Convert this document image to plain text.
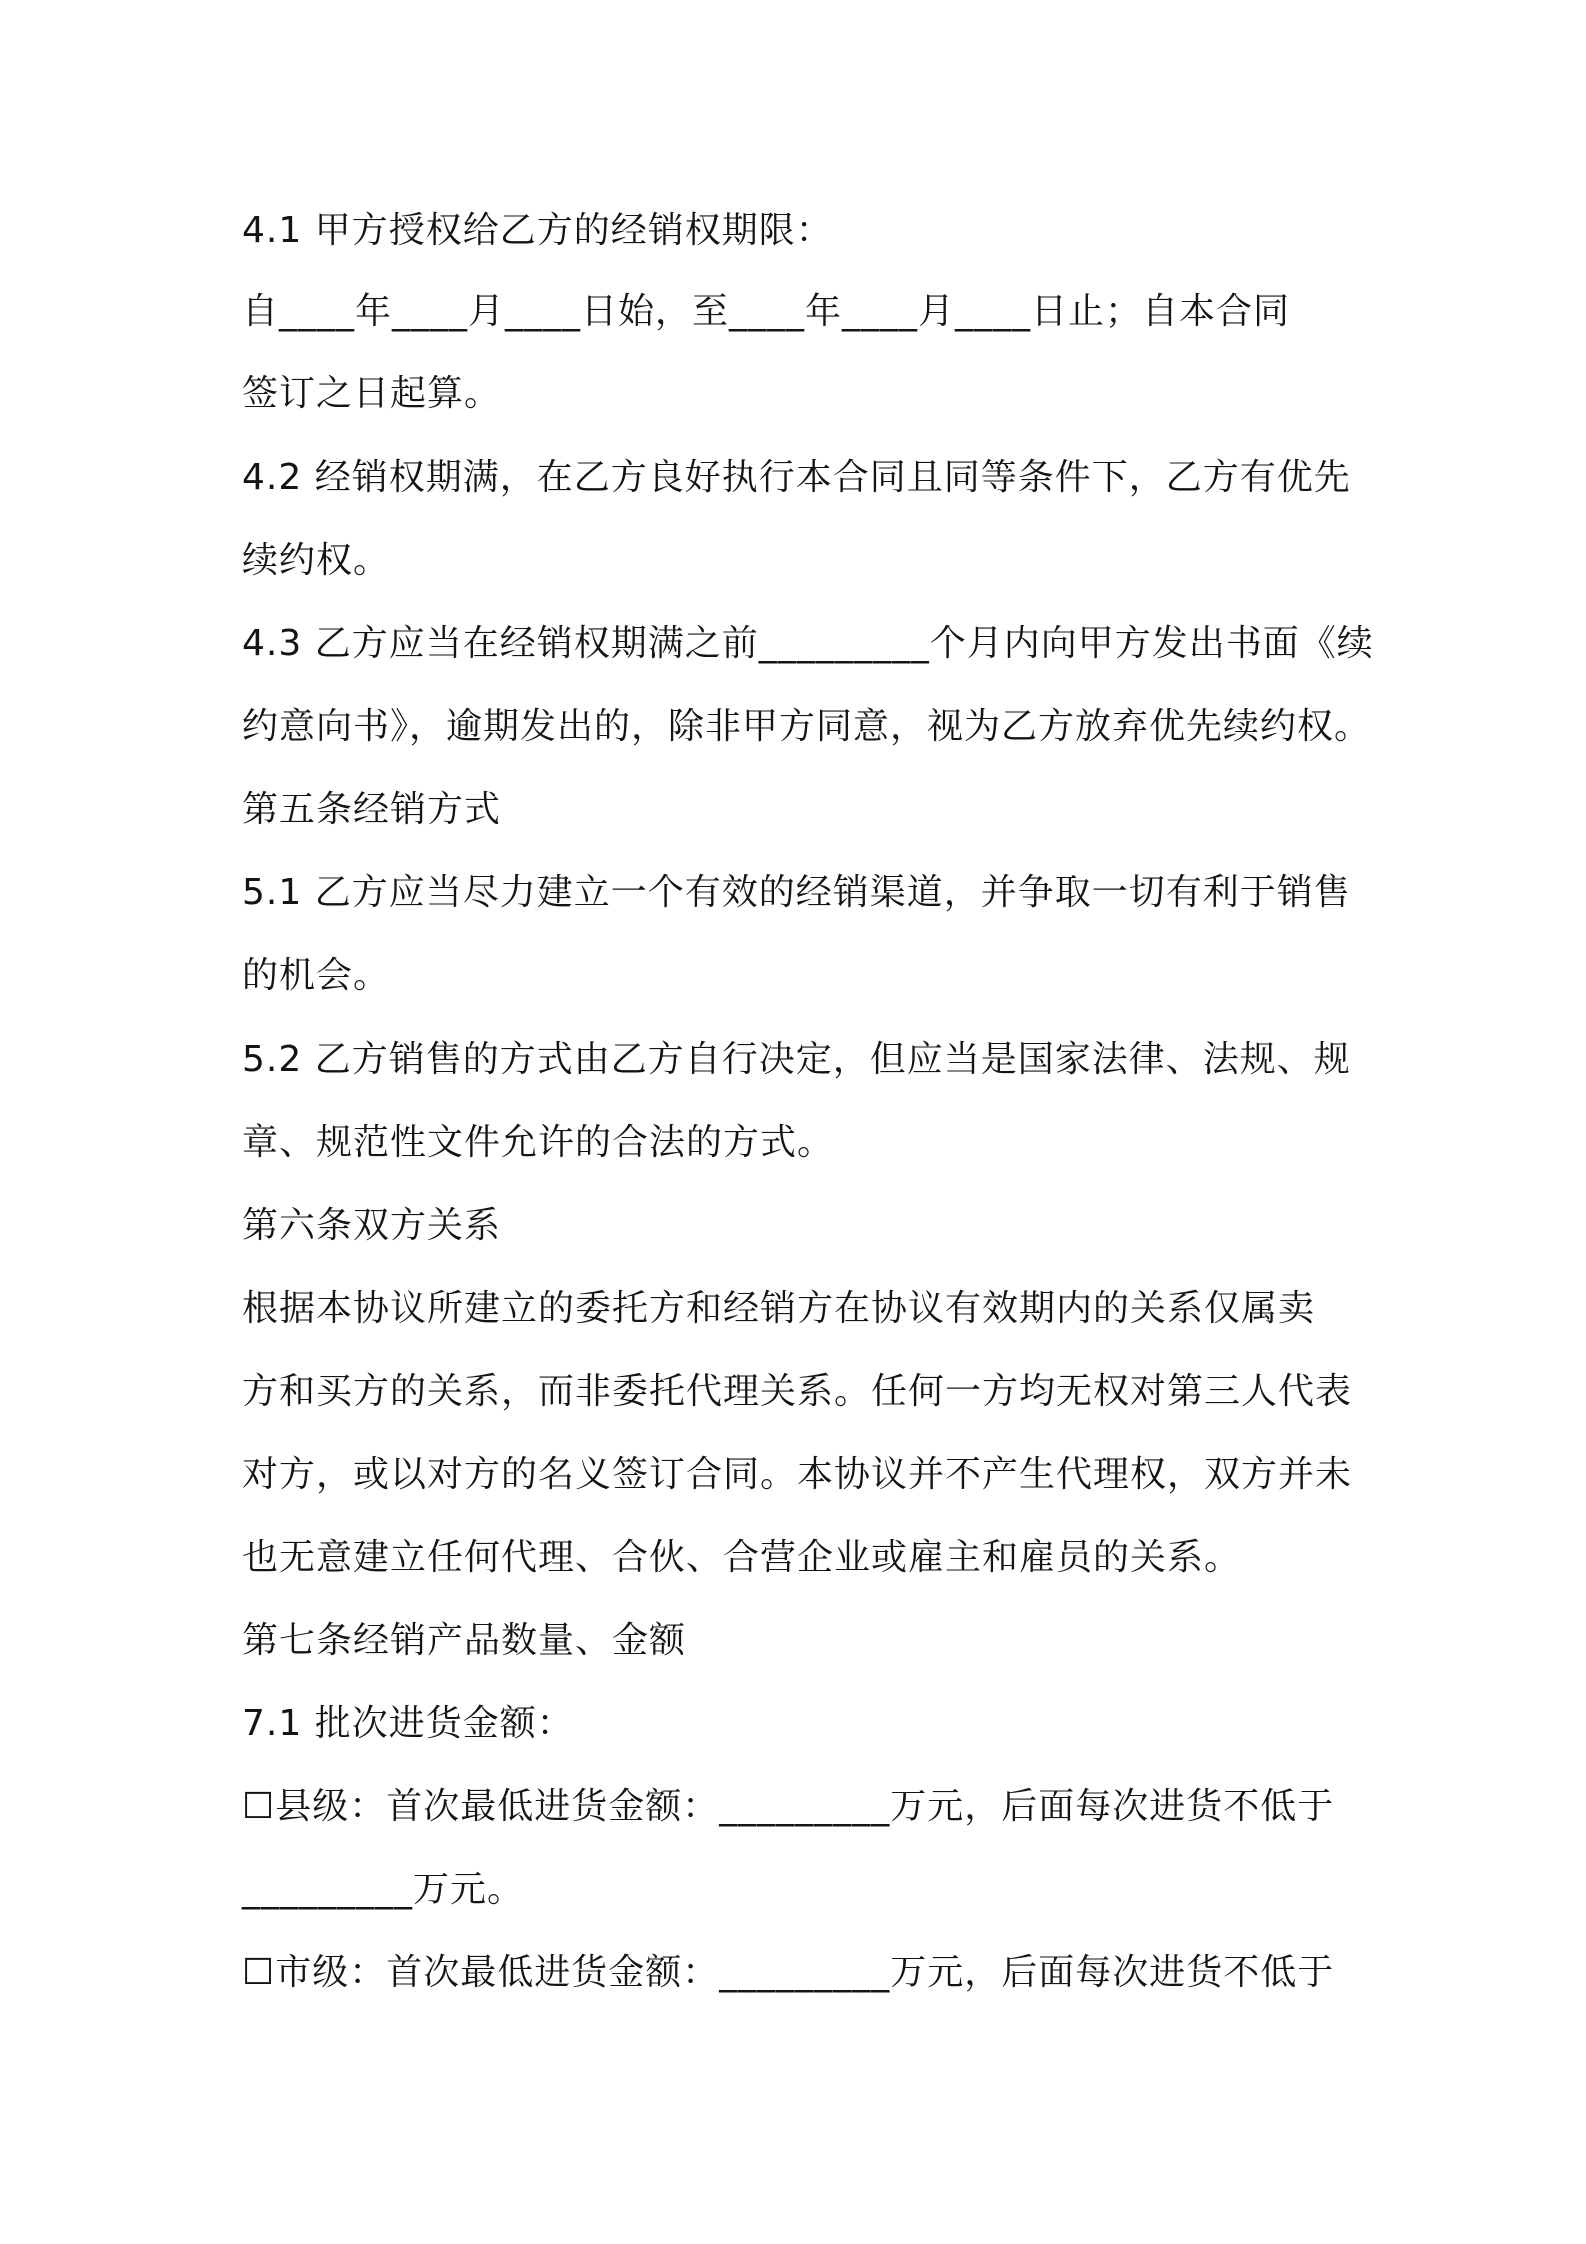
4.1 甲方授权给乙方的经销权期限：
自____年____月____日始，至____年____月____日止；自本合同
签订之日起算。
4.2 经销权期满，在乙方良好执行本合同且同等条件下，乙方有优先
续约权。
4.3 乙方应当在经销权期满之前_________个月内向甲方发出书面《续
约意向书》，逾期发出的，除非甲方同意，视为乙方放弃优先续约权。
第五条经销方式
5.1 乙方应当尽力建立一个有效的经销渠道，并争取一切有利于销售
的机会。
5.2 乙方销售的方式由乙方自行决定，但应当是国家法律、法规、规
章、规范性文件允许的合法的方式。
第六条双方关系
根据本协议所建立的委托方和经销方在协议有效期内的关系仅属卖
方和买方的关系，而非委托代理关系。任何一方均无权对第三人代表
对方，或以对方的名义签订合同。本协议并不产生代理权，双方并未
也无意建立任何代理、合伙、合营企业或雇主和雇员的关系。
第七条经销产品数量、金额
7.1 批次进货金额：
☐县级：首次最低进货金额：_________万元，后面每次进货不低于
_________万元。
☐市级：首次最低进货金额：_________万元，后面每次进货不低于
